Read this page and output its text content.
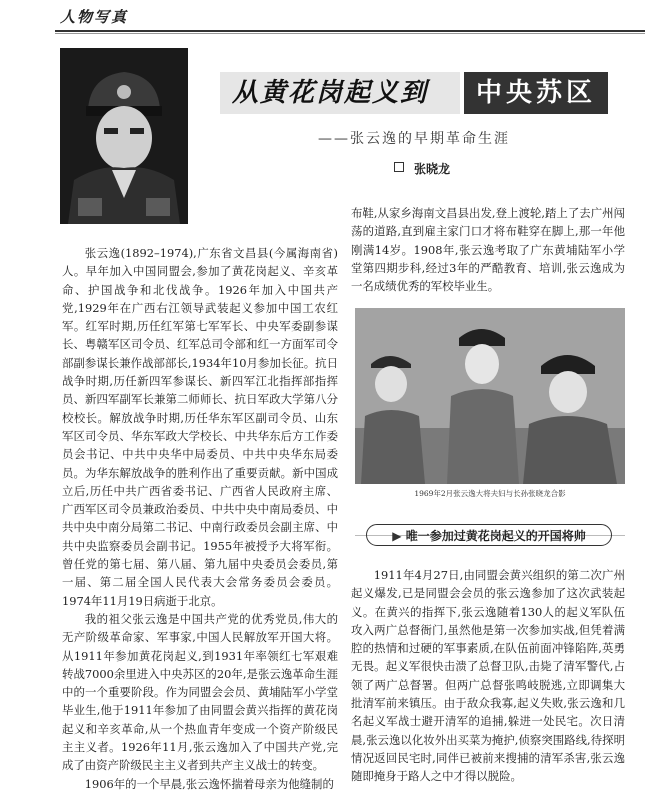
人物写真
从黄花岗起义到	中央苏区
——张云逸的早期革命生涯
张晓龙

张云逸(1892–1974),广东省文昌县(今属海南省)人。早年加入中国同盟会,参加了黄花岗起义、辛亥革命、护国战争和北伐战争。1926年加入中国共产党,1929年在广西右江领导武装起义参加中国工农红军。红军时期,历任红军第七军军长、中央军委副参谋长、粤赣军区司令员、红军总司令部和红一方面军司令部副参谋长兼作战部部长,1934年10月参加长征。抗日战争时期,历任新四军参谋长、新四军江北指挥部指挥员、新四军副军长兼第二师师长、抗日军政大学第八分校校长。解放战争时期,历任华东军区副司令员、山东军区司令员、华东军政大学校长、中共华东后方工作委员会书记、中共中央华中局委员、中共中央华东局委员。为华东解放战争的胜利作出了重要贡献。新中国成立后,历任中共广西省委书记、广西省人民政府主席、广西军区司令员兼政治委员、中共中央中南局委员、中共中央中南分局第二书记、中南行政委员会副主席、中共中央监察委员会副书记。1955年被授予大将军衔。曾任党的第七届、第八届、第九届中央委员会委员,第一届、第二届全国人民代表大会常务委员会委员。1974年11月19日病逝于北京。

我的祖父张云逸是中国共产党的优秀党员,伟大的无产阶级革命家、军事家,中国人民解放军开国大将。从1911年参加黄花岗起义,到1931年率领红七军艰难转战7000余里进入中央苏区的20年,是张云逸革命生涯中的一个重要阶段。作为同盟会会员、黄埔陆军小学堂毕业生,他于1911年参加了由同盟会黄兴指挥的黄花岗起义和辛亥革命,从一个热血青年变成一个资产阶级民主主义者。1926年11月,张云逸加入了中国共产党,完成了由资产阶级民主主义者到共产主义战士的转变。

1906年的一个早晨,张云逸怀揣着母亲为他缝制的

布鞋,从家乡海南文昌县出发,登上渡轮,踏上了去广州闯荡的道路,直到雇主家门口才将布鞋穿在脚上,那一年他刚满14岁。1908年,张云逸考取了广东黄埔陆军小学堂第四期步科,经过3年的严酷教育、培训,张云逸成为一名成绩优秀的军校毕业生。

1969年2月张云逸大将夫妇与长孙张晓龙合影
▶ 唯一参加过黄花岗起义的开国将帅

1911年4月27日,由同盟会黄兴组织的第二次广州起义爆发,已是同盟会会员的张云逸参加了这次武装起义。在黄兴的指挥下,张云逸随着130人的起义军队伍攻入两广总督衙门,虽然他是第一次参加实战,但凭着满腔的热情和过硬的军事素质,在队伍前面冲锋陷阵,英勇无畏。起义军很快击溃了总督卫队,击毙了清军警代,占领了两广总督署。但两广总督张鸣岐脱逃,立即调集大批清军前来镇压。由于敌众我寡,起义失败,张云逸和几名起义军战士避开清军的追捕,躲进一处民宅。次日清晨,张云逸以化妆外出买菜为掩护,侦察突围路线,待探明情况返回民宅时,同伴已被前来搜捕的清军杀害,张云逸随即掩身于路人之中才得以脱险。
